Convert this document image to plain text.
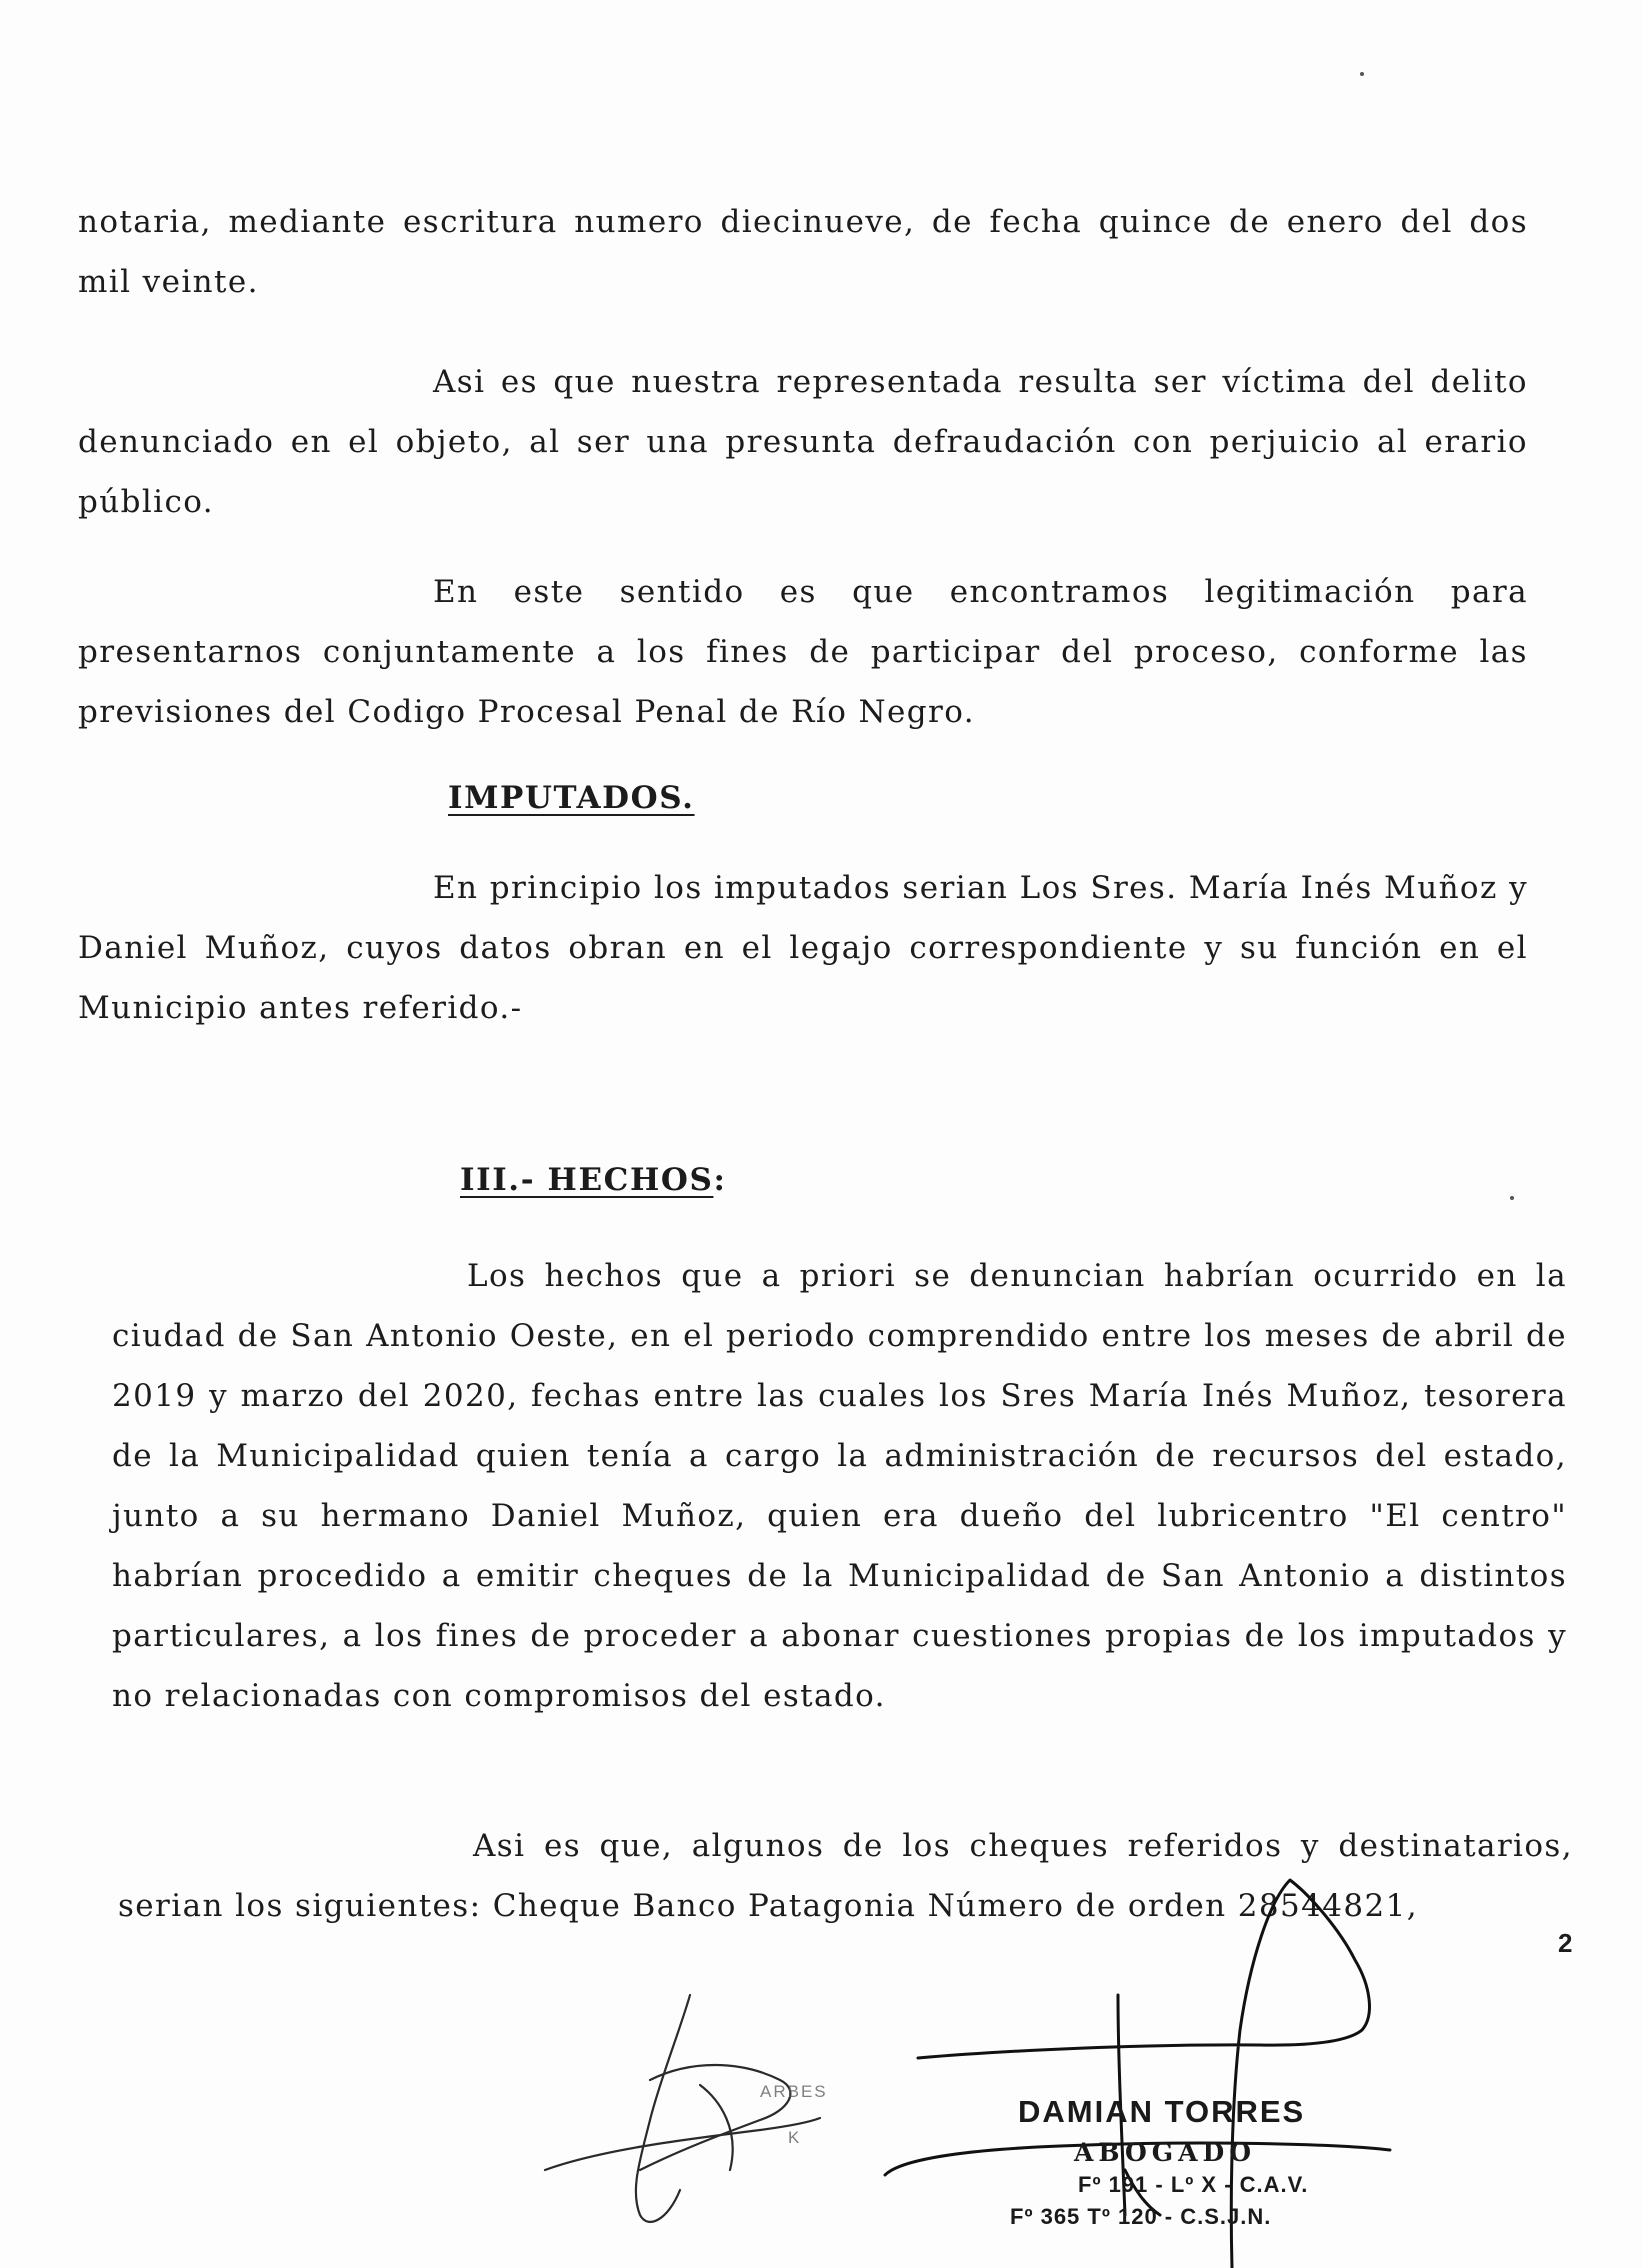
notaria, mediante escritura numero diecinueve, de fecha quince de enero del dos mil veinte.

Asi es que nuestra representada resulta ser víctima del delito denunciado en el objeto, al ser una presunta defraudación con perjuicio al erario público.

En este sentido es que encontramos legitimación para presentarnos conjuntamente a los fines de participar del proceso, conforme las previsiones del Codigo Procesal Penal de Río Negro.

IMPUTADOS.

En principio los imputados serian Los Sres. María Inés Muñoz y Daniel Muñoz, cuyos datos obran en el legajo correspondiente y su función en el Municipio antes referido.-

III.- HECHOS:

Los hechos que a priori se denuncian habrían ocurrido en la ciudad de San Antonio Oeste, en el periodo comprendido entre los meses de abril de 2019 y marzo del 2020, fechas entre las cuales los Sres María Inés Muñoz, tesorera de la Municipalidad quien tenía a cargo la administración de recursos del estado, junto a su hermano Daniel Muñoz, quien era dueño del lubricentro "El centro" habrían procedido a emitir cheques de la Municipalidad de San Antonio a distintos particulares, a los fines de proceder a abonar cuestiones propias de los imputados y no relacionadas con compromisos del estado.

Asi es que, algunos de los cheques referidos y destinatarios, serian los siguientes: Cheque Banco Patagonia Número de orden 28544821,

2
ARBES
K
DAMIAN TORRES
ABOGADO
Fº 191 - Lº X - C.A.V.
Fº 365 Tº 120 - C.S.J.N.
